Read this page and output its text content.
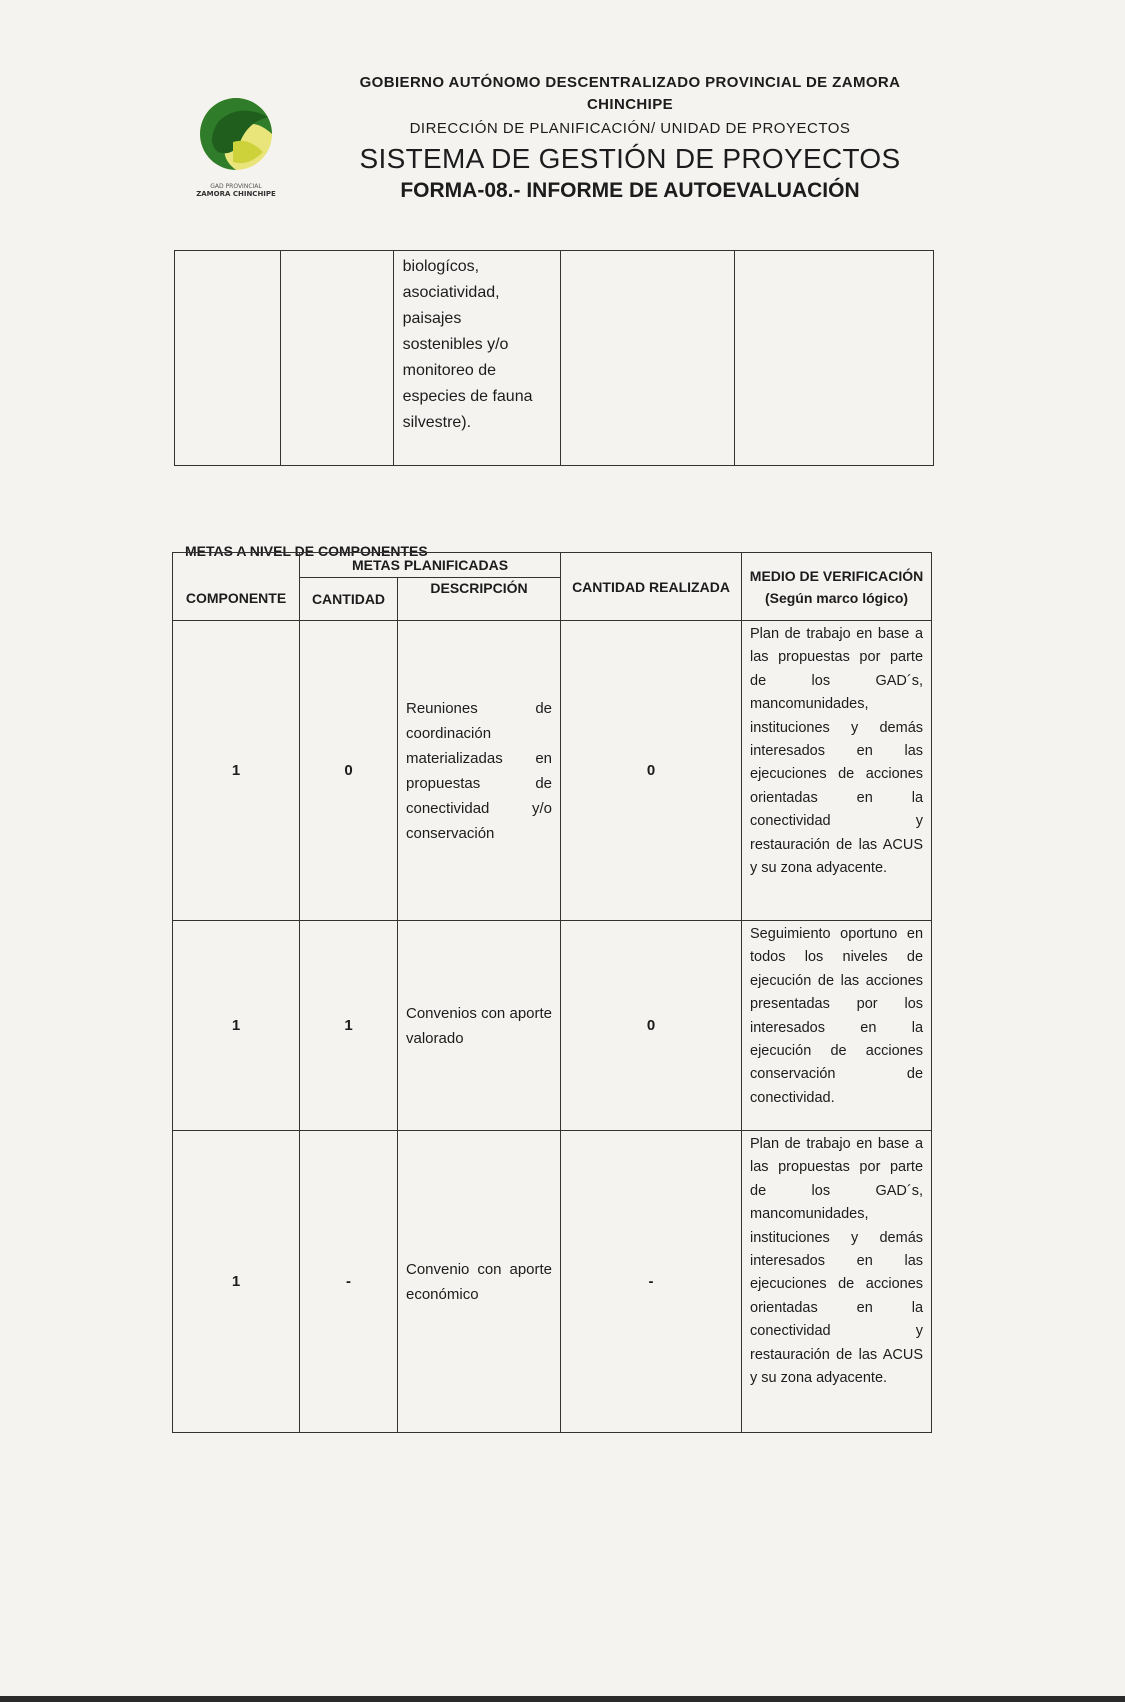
GAD PROVINCIAL
ZAMORA CHINCHIPE
GOBIERNO AUTÓNOMO DESCENTRALIZADO PROVINCIAL DE ZAMORA CHINCHIPE
DIRECCIÓN DE PLANIFICACIÓN/ UNIDAD DE PROYECTOS
SISTEMA DE GESTIÓN DE PROYECTOS
FORMA-08.- INFORME DE AUTOEVALUACIÓN

biologícos,
asociatividad,
paisajes
sostenibles y/o
monitoreo de
especies de fauna
silvestre).

METAS A NIVEL DE COMPONENTES
COMPONENTE	METAS PLANIFICADAS		CANTIDAD REALIZADA	MEDIO DE VERIFICACIÓN (Según marco lógico)
	CANTIDAD	DESCRIPCIÓN		
1	0	Reuniones de coordinación materializadas en propuestas de conectividad y/o conservación	0	Plan de trabajo en base a las propuestas por parte de los GAD´s, mancomunidades, instituciones y demás interesados en las ejecuciones de acciones orientadas en la conectividad y restauración de las ACUS y su zona adyacente.
1	1	Convenios con aporte valorado	0	Seguimiento oportuno en todos los niveles de ejecución de las acciones presentadas por los interesados en la ejecución de acciones conservación de conectividad.
1	-	Convenio con aporte económico	-	Plan de trabajo en base a las propuestas por parte de los GAD´s, mancomunidades, instituciones y demás interesados en las ejecuciones de acciones orientadas en la conectividad y restauración de las ACUS y su zona adyacente.
